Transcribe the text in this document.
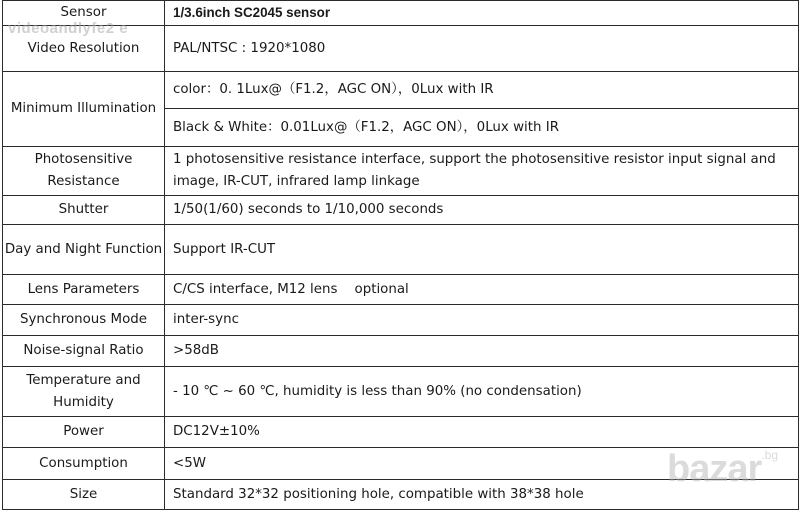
Sensor	1/3.6inch SC2045 sensor
Video Resolution	PAL/NTSC : 1920*1080
Minimum Illumination	color：0. 1Lux@（F1.2，AGC ON），0Lux with IR
	Black & White：0.01Lux@（F1.2，AGC ON），0Lux with IR
Photosensitive Resistance	1 photosensitive resistance interface, support the photosensitive resistor input signal and image, IR-CUT, infrared lamp linkage
Shutter	1/50(1/60) seconds to 1/10,000 seconds
Day and Night Function	Support IR-CUT
Lens Parameters	C/CS interface, M12 lens    optional
Synchronous Mode	inter-sync
Noise-signal Ratio	>58dB
Temperature and Humidity	- 10 ℃ ~ 60 ℃, humidity is less than 90% (no condensation)
Power	DC12V±10%
Consumption	<5W
Size	Standard 32*32 positioning hole, compatible with 38*38 hole
videoandlyfe2 e
bazar$^{.bg}$
